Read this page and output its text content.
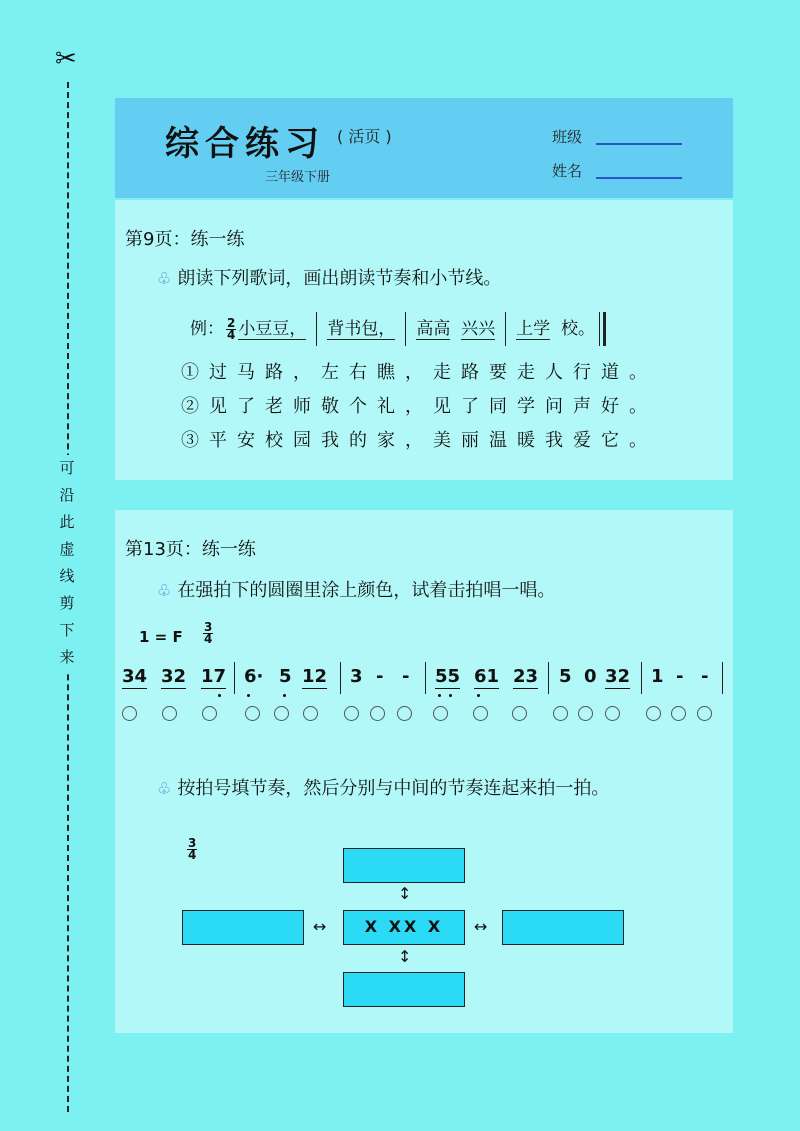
✂
可
沿
此
虚
线
剪
下
来
综合练习 ( 活页 )
三年级下册
班级
姓名
第9页：练一练
♧ 朗读下列歌词，画出朗读节奏和小节线。
例： $\frac{2}{4}$ 小豆豆， 背书包， 高高 兴兴 上学 校。
①过马路，左右瞧，走路要走人行道。
②见了老师敬个礼，见了同学问声好。
③平安校园我的家，美丽温暖我爱它。
第13页：练一练
♧ 在强拍下的圆圈里涂上颜色，试着击拍唱一唱。
1 = F $\frac{3}{4}$
34 32 17 6· 5 12 3 - - 55 61 23 5 0 32 1 - -
♧ 按拍号填节奏，然后分别与中间的节奏连起来拍一拍。
$\frac{3}{4}$
↕
↔	X XX X	↔
↕
